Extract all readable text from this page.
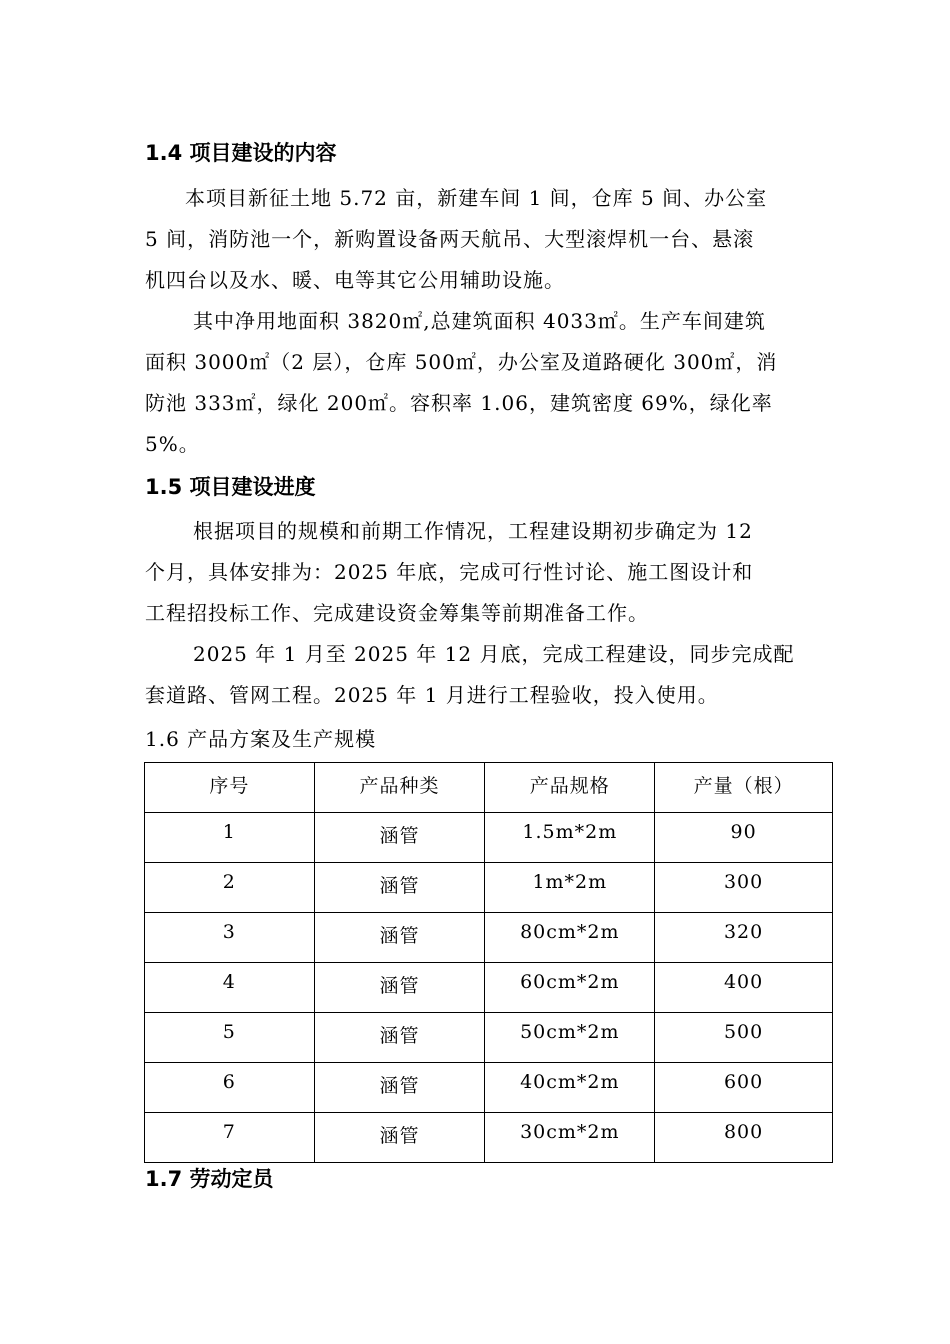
1.4 项目建设的内容
本项目新征土地 5.72 亩，新建车间 1 间，仓库 5 间、办公室
5 间，消防池一个，新购置设备两天航吊、大型滚焊机一台、悬滚
机四台以及水、暖、电等其它公用辅助设施。
其中净用地面积 3820㎡,总建筑面积 4033㎡。生产车间建筑
面积 3000㎡（2 层），仓库 500㎡，办公室及道路硬化 300㎡，消
防池 333㎡，绿化 200㎡。容积率 1.06，建筑密度 69%，绿化率
5%。
1.5 项目建设进度
根据项目的规模和前期工作情况，工程建设期初步确定为 12
个月，具体安排为：2025 年底，完成可行性讨论、施工图设计和
工程招投标工作、完成建设资金筹集等前期准备工作。
2025 年 1 月至 2025 年 12 月底，完成工程建设，同步完成配
套道路、管网工程。2025 年 1 月进行工程验收，投入使用。
1.6 产品方案及生产规模
序号	产品种类	产品规格	产量（根）
1	涵管	1.5m*2m	90
2	涵管	1m*2m	300
3	涵管	80cm*2m	320
4	涵管	60cm*2m	400
5	涵管	50cm*2m	500
6	涵管	40cm*2m	600
7	涵管	30cm*2m	800
1.7 劳动定员
